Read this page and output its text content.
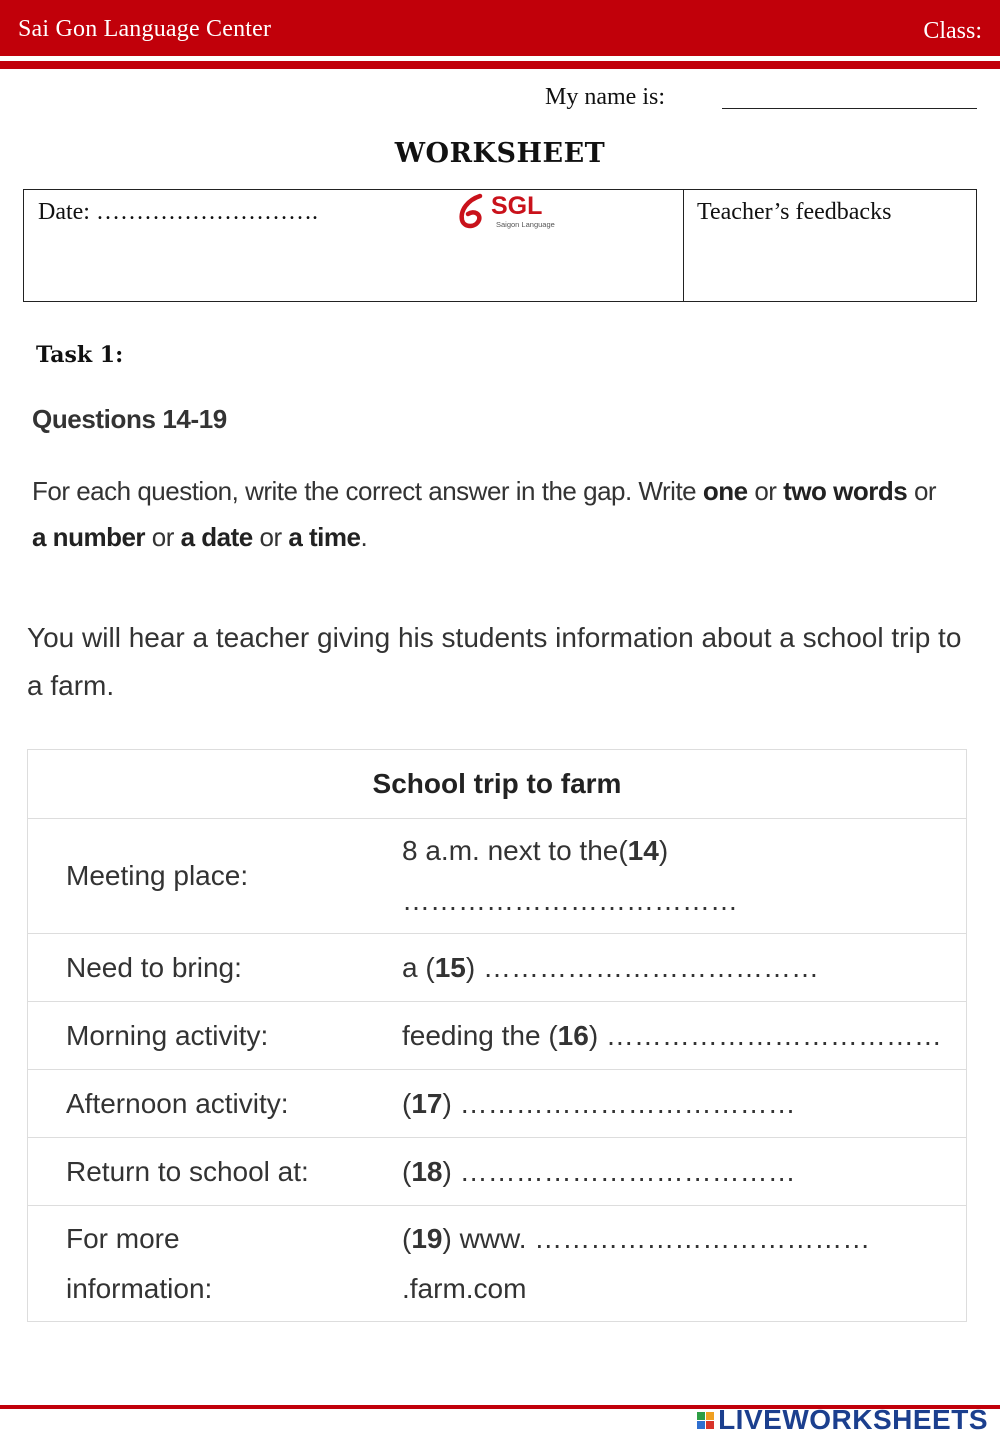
Sai Gon Language Center	Class:
My name is:
WORKSHEET
Date: ……………………….	SGL
Saigon Language	Teacher’s feedbacks
Task 1:
Questions 14-19
For each question, write the correct answer in the gap. Write one or two words or
a number or a date or a time.
You will hear a teacher giving his students information about a school trip to a farm.
School trip to farm	
Meeting place:	8 a.m. next to the(14)
………………………………
Need to bring:	a (15) ………………………………
Morning activity:	feeding the (16) ………………………………
Afternoon activity:	(17) ………………………………
Return to school at:	(18) ………………………………
For more
information:	(19) www. ………………………………
.farm.com
LIVEWORKSHEETS
